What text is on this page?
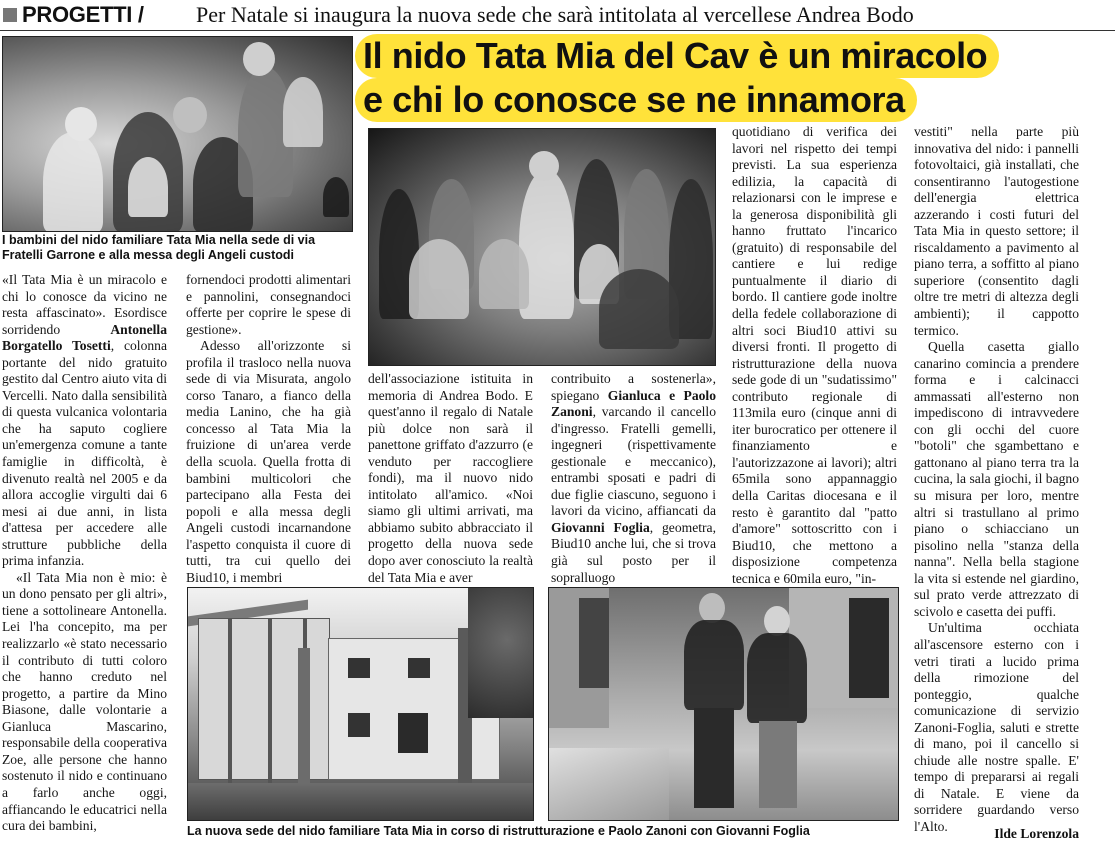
PROGETTI / Per Natale si inaugura la nuova sede che sarà intitolata al vercellese Andrea Bodo
I bambini del nido familiare Tata Mia nella sede di via Fratelli Garrone e alla messa degli Angeli custodi
Il nido Tata Mia del Cav è un miracolo
e chi lo conosce se ne innamora
La nuova sede del nido familiare Tata Mia in corso di ristrutturazione e Paolo Zanoni con Giovanni Foglia

«Il Tata Mia è un miracolo e chi lo conosce da vicino ne resta affascinato». Esordisce sorridendo	Antonella Borgatello Tosetti, colonna portante del nido gratuito gestito dal Centro aiuto vita di Vercelli. Nato dalla sensibilità di questa vulcanica volontaria che ha saputo cogliere un'emergenza comune a tante famiglie in difficoltà, è divenuto realtà nel 2005 e da allora accoglie virgulti dai 6 mesi ai due anni, in lista d'attesa per accedere alle strutture pubbliche della prima infanzia.

«Il Tata Mia non è mio: è un dono pensato per gli altri», tiene a sottolineare Antonella. Lei l'ha concepito, ma per realizzarlo «è stato necessario il contributo di tutti coloro che hanno creduto nel progetto, a partire da Mino Biasone, dalle volontarie a Gianluca Mascarino, responsabile della cooperativa Zoe, alle persone che hanno sostenuto il nido e continuano a farlo anche oggi, affiancando le educatrici nella cura dei bambini,

fornendoci prodotti alimentari e pannolini, consegnandoci offerte per coprire le spese di gestione».

Adesso all'orizzonte si profila il trasloco nella nuova sede di via Misurata, angolo corso Tanaro, a fianco della media Lanino, che ha già concesso al Tata Mia la fruizione di un'area verde della scuola. Quella frotta di bambini multicolori che partecipano alla Festa dei popoli e alla messa degli Angeli custodi incarnandone l'aspetto conquista il cuore di tutti, tra cui quello dei Biud10, i membri

dell'associazione istituita in memoria di Andrea Bodo. E quest'anno il regalo di Natale più dolce non sarà il panettone griffato d'azzurro (e venduto per raccogliere fondi), ma il nuovo nido intitolato all'amico. «Noi siamo gli ultimi arrivati, ma abbiamo subito abbracciato il progetto della nuova sede dopo aver conosciuto la realtà del Tata Mia e aver

contribuito a sostenerla», spiegano Gianluca e Paolo Zanoni, varcando il cancello d'ingresso. Fratelli gemelli, ingegneri (rispettivamente gestionale e meccanico), entrambi sposati e padri di due figlie ciascuno, seguono i lavori da vicino, affiancati da Giovanni Foglia, geometra, Biud10 anche lui, che si trova già sul posto per il sopralluogo

quotidiano di verifica dei lavori nel rispetto dei tempi previsti. La sua esperienza edilizia, la capacità di relazionarsi con le imprese e la generosa disponibilità gli hanno fruttato l'incarico (gratuito) di responsabile del cantiere e lui redige puntualmente il diario di bordo. Il cantiere gode inoltre della fedele collaborazione di altri soci Biud10 attivi su diversi fronti. Il progetto di ristrutturazione della nuova sede gode di un "sudatissimo" contributo regionale di 113mila euro (cinque anni di iter burocratico per ottenere il finanziamento e l'autorizzazone ai lavori); altri 65mila sono appannaggio della Caritas diocesana e il resto è garantito dal "patto d'amore" sottoscritto con i Biud10, che mettono a disposizione competenza tecnica e 60mila euro, "in-

vestiti" nella parte più innovativa del nido: i pannelli fotovoltaici, già installati, che consentiranno l'autogestione dell'energia elettrica azzerando i costi futuri del Tata Mia in questo settore; il riscaldamento a pavimento al piano terra, a soffitto al piano superiore (consentito dagli oltre tre metri di altezza degli ambienti); il cappotto termico.

Quella casetta giallo canarino comincia a prendere forma e i calcinacci ammassati all'esterno non impediscono di intravvedere con gli occhi del cuore "botoli" che sgambettano e gattonano al piano terra tra la cucina, la sala giochi, il bagno su misura per loro, mentre altri si trastullano al primo piano o schiacciano un pisolino nella "stanza della nanna". Nella bella stagione la vita si estende nel giardino, sul prato verde attrezzato di scivolo e casetta dei puffi.

Un'ultima occhiata all'ascensore esterno con i vetri tirati a lucido prima della rimozione del ponteggio, qualche comunicazione di servizio Zanoni-Foglia, saluti e strette di mano, poi il cancello si chiude alle nostre spalle. E' tempo di prepararsi ai regali di Natale. E viene da sorridere guardando verso l'Alto.	Ilde Lorenzola
